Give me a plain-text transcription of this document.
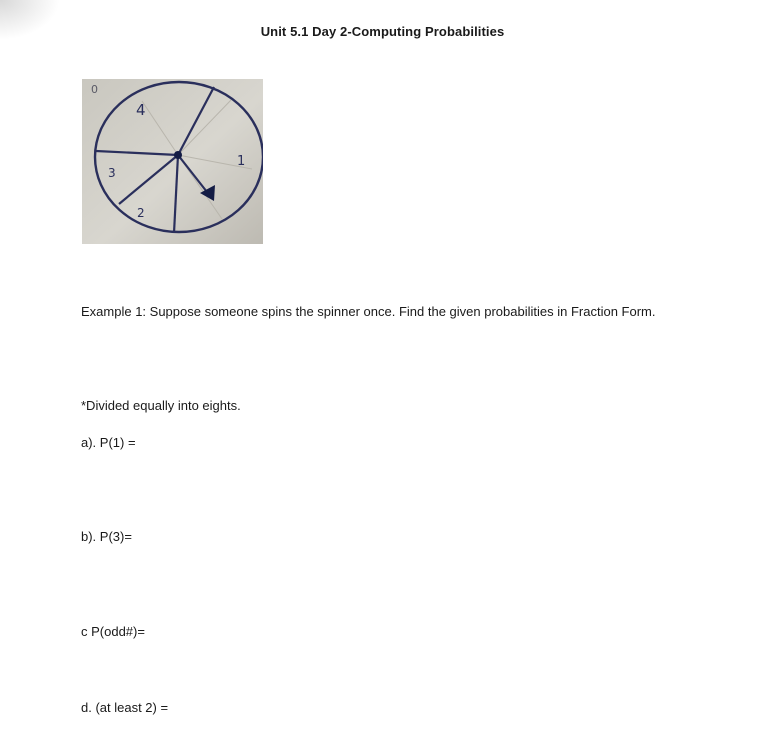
Unit 5.1 Day 2-Computing Probabilities
4
3
2
1
0
Example 1: Suppose someone spins the spinner once. Find the given probabilities in Fraction Form.
*Divided equally into eights.
a). P(1) =
b). P(3)=
c P(odd#)=
d. (at least 2) =
